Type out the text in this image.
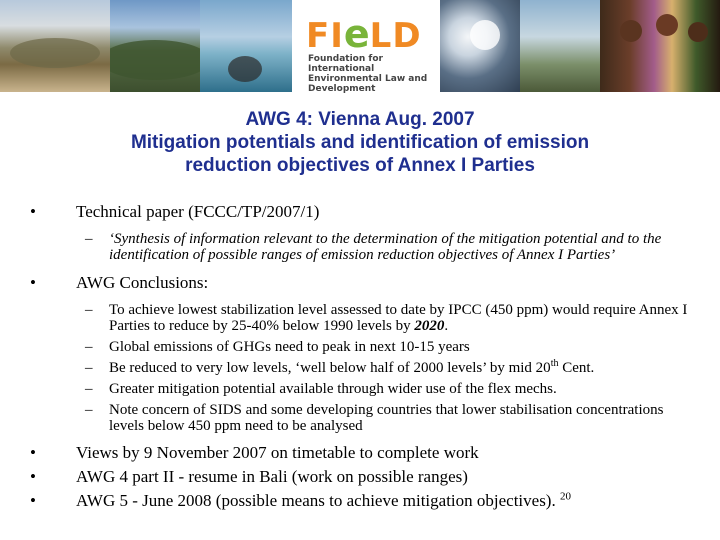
F I e L D
Foundation for International
Environmental Law and Development
AWG 4: Vienna Aug. 2007
Mitigation potentials and identification of emission
reduction objectives of Annex I Parties
•	Technical paper (FCCC/TP/2007/1)
– ‘Synthesis of information relevant to the determination of the mitigation potential and to the identification of possible ranges of emission reduction objectives of Annex I Parties’
•	AWG Conclusions:
– To achieve lowest stabilization level assessed to date by IPCC (450 ppm) would require Annex I Parties to reduce by 25-40% below 1990 levels by 2020.
– Global emissions of GHGs need to peak in next 10-15 years
– Be reduced to very low levels, ‘well below half of 2000 levels’ by mid 20th Cent.
– Greater mitigation potential available through wider use of the flex mechs.
– Note concern of SIDS and some developing countries that lower stabilisation concentrations levels below 450 ppm need to be analysed
•	Views by 9 November 2007 on timetable to complete work
•	AWG 4 part II - resume in Bali (work on possible ranges)
•	AWG 5 - June 2008 (possible means to achieve mitigation objectives). $^{20}$
